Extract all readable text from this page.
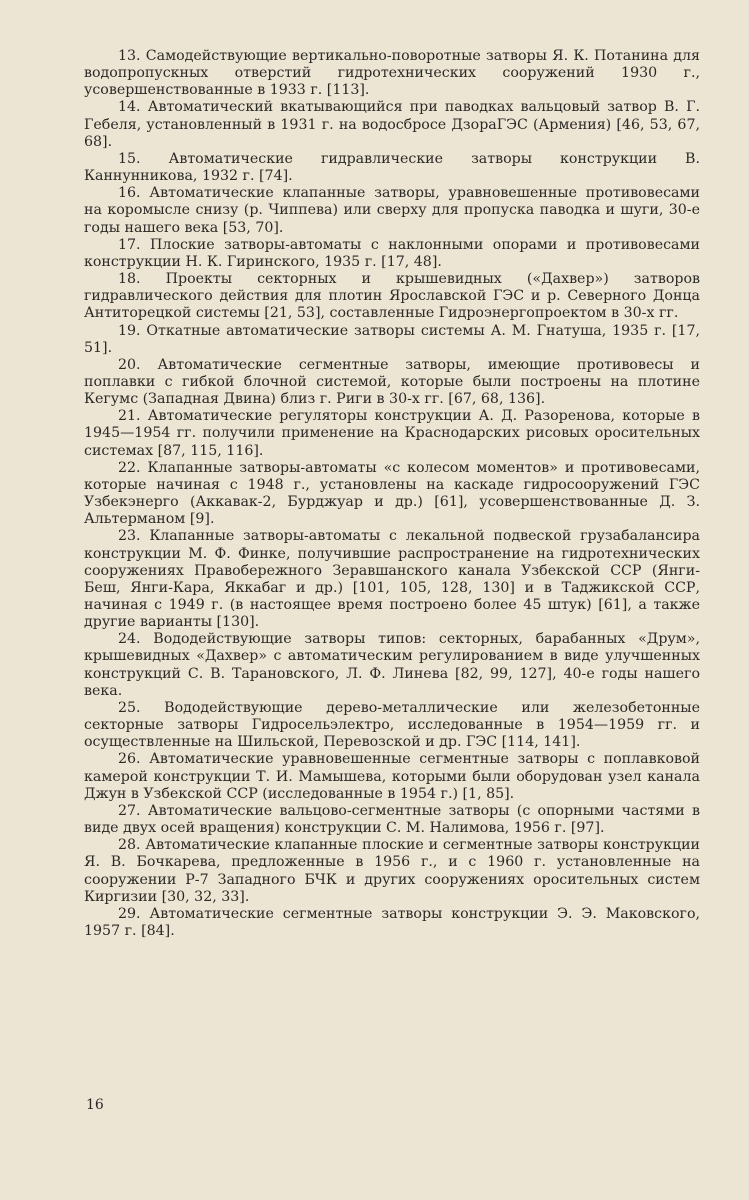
13. Самодействующие вертикально-поворотные затворы Я. К. Потанина для водопропускных отверстий гидротехнических сооружений 1930 г., усовершенствованные в 1933 г. [113].

14. Автоматический вкатывающийся при паводках вальцовый затвор В. Г. Гебеля, установленный в 1931 г. на водосбросе ДзораГЭС (Армения) [46, 53, 67, 68].

15. Автоматические гидравлические затворы конструкции В. Каннунникова, 1932 г. [74].

16. Автоматические клапанные затворы, уравновешенные противовесами на коромысле снизу (р. Чиппева) или сверху для пропуска паводка и шуги, 30-е годы нашего века [53, 70].

17. Плоские затворы-автоматы с наклонными опорами и противовесами конструкции Н. К. Гиринского, 1935 г. [17, 48].

18. Проекты секторных и крышевидных («Дахвер») затворов гидравлического действия для плотин Ярославской ГЭС и р. Северного Донца Антиторецкой системы [21, 53], составленные Гидроэнергопроектом в 30-х гг.

19. Откатные автоматические затворы системы А. М. Гнатуша, 1935 г. [17, 51].

20. Автоматические сегментные затворы, имеющие противовесы и поплавки с гибкой блочной системой, которые были построены на плотине Кегумс (Западная Двина) близ г. Риги в 30-х гг. [67, 68, 136].

21. Автоматические регуляторы конструкции А. Д. Разоренова, которые в 1945—1954 гг. получили применение на Краснодарских рисовых оросительных системах [87, 115, 116].

22. Клапанные затворы-автоматы «с колесом моментов» и противовесами, которые начиная с 1948 г., установлены на каскаде гидросооружений ГЭС Узбекэнерго (Аккавак-2, Бурджуар и др.) [61], усовершенствованные Д. З. Альтерманом [9].

23. Клапанные затворы-автоматы с лекальной подвеской грузабалансира конструкции М. Ф. Финке, получившие распространение на гидротехнических сооружениях Правобережного Зеравшанского канала Узбекской ССР (Янги-Беш, Янги-Кара, Яккабаг и др.) [101, 105, 128, 130] и в Таджикской ССР, начиная с 1949 г. (в настоящее время построено более 45 штук) [61], а также другие варианты [130].

24. Вододействующие затворы типов: секторных, барабанных «Друм», крышевидных «Дахвер» с автоматическим регулированием в виде улучшенных конструкций С. В. Тарановского, Л. Ф. Линева [82, 99, 127], 40-е годы нашего века.

25. Вододействующие дерево-металлические или железобетонные секторные затворы Гидросельэлектро, исследованные в 1954—1959 гг. и осуществленные на Шильской, Перевозской и др. ГЭС [114, 141].

26. Автоматические уравновешенные сегментные затворы с поплавковой камерой конструкции Т. И. Мамышева, которыми были оборудован узел канала Джун в Узбекской ССР (исследованные в 1954 г.) [1, 85].

27. Автоматические вальцово-сегментные затворы (с опорными частями в виде двух осей вращения) конструкции С. М. Налимова, 1956 г. [97].

28. Автоматические клапанные плоские и сегментные затворы конструкции Я. В. Бочкарева, предложенные в 1956 г., и с 1960 г. установленные на сооружении Р-7 Западного БЧК и других сооружениях оросительных систем Киргизии [30, 32, 33].

29. Автоматические сегментные затворы конструкции Э. Э. Маковского, 1957 г. [84].

16
